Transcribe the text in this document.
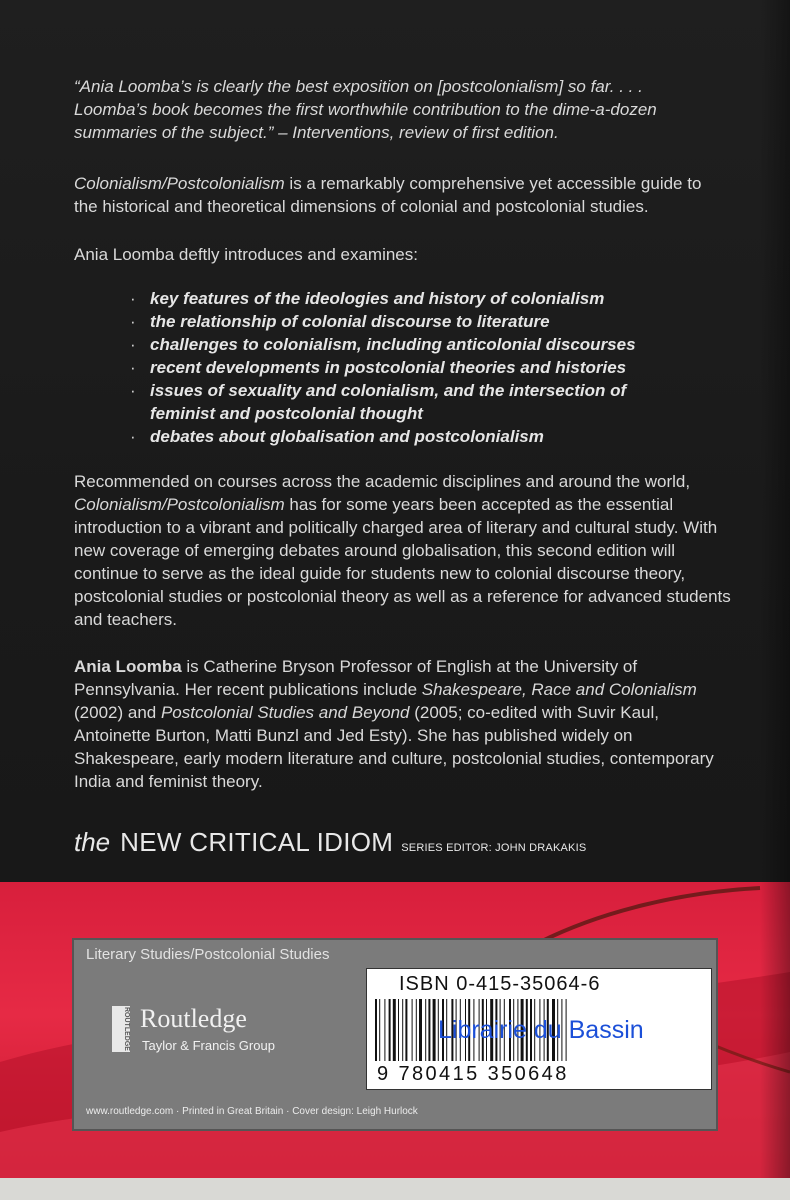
“Ania Loomba’s is clearly the best exposition on [postcolonialism] so far. . . . Loomba’s book becomes the first worthwhile contribution to the dime-a-dozen summaries of the subject.” – Interventions, review of first edition.
Colonialism/Postcolonialism is a remarkably comprehensive yet accessible guide to the historical and theoretical dimensions of colonial and postcolonial studies.
Ania Loomba deftly introduces and examines:
· key features of the ideologies and history of colonialism
· the relationship of colonial discourse to literature
· challenges to colonialism, including anticolonial discourses
· recent developments in postcolonial theories and histories
· issues of sexuality and colonialism, and the intersection of feminist and postcolonial thought
· debates about globalisation and postcolonialism
Recommended on courses across the academic disciplines and around the world, Colonialism/Postcolonialism has for some years been accepted as the essential introduction to a vibrant and politically charged area of literary and cultural study. With new coverage of emerging debates around globalisation, this second edition will continue to serve as the ideal guide for students new to colonial discourse theory, postcolonial studies or postcolonial theory as well as a reference for advanced students and teachers.
Ania Loomba is Catherine Bryson Professor of English at the University of Pennsylvania. Her recent publications include Shakespeare, Race and Colonialism (2002) and Postcolonial Studies and Beyond (2005; co-edited with Suvir Kaul, Antoinette Burton, Matti Bunzl and Jed Esty). She has published widely on Shakespeare, early modern literature and culture, postcolonial studies, contemporary India and feminist theory.
the NEW CRITICAL IDIOM SERIES EDITOR: JOHN DRAKAKIS
Literary Studies/Postcolonial Studies
ROUTLEDGE Routledge
Taylor & Francis Group
ISBN 0-415-35064-6
9 780415 350648
www.routledge.com · Printed in Great Britain · Cover design: Leigh Hurlock
Librairie du Bassin
